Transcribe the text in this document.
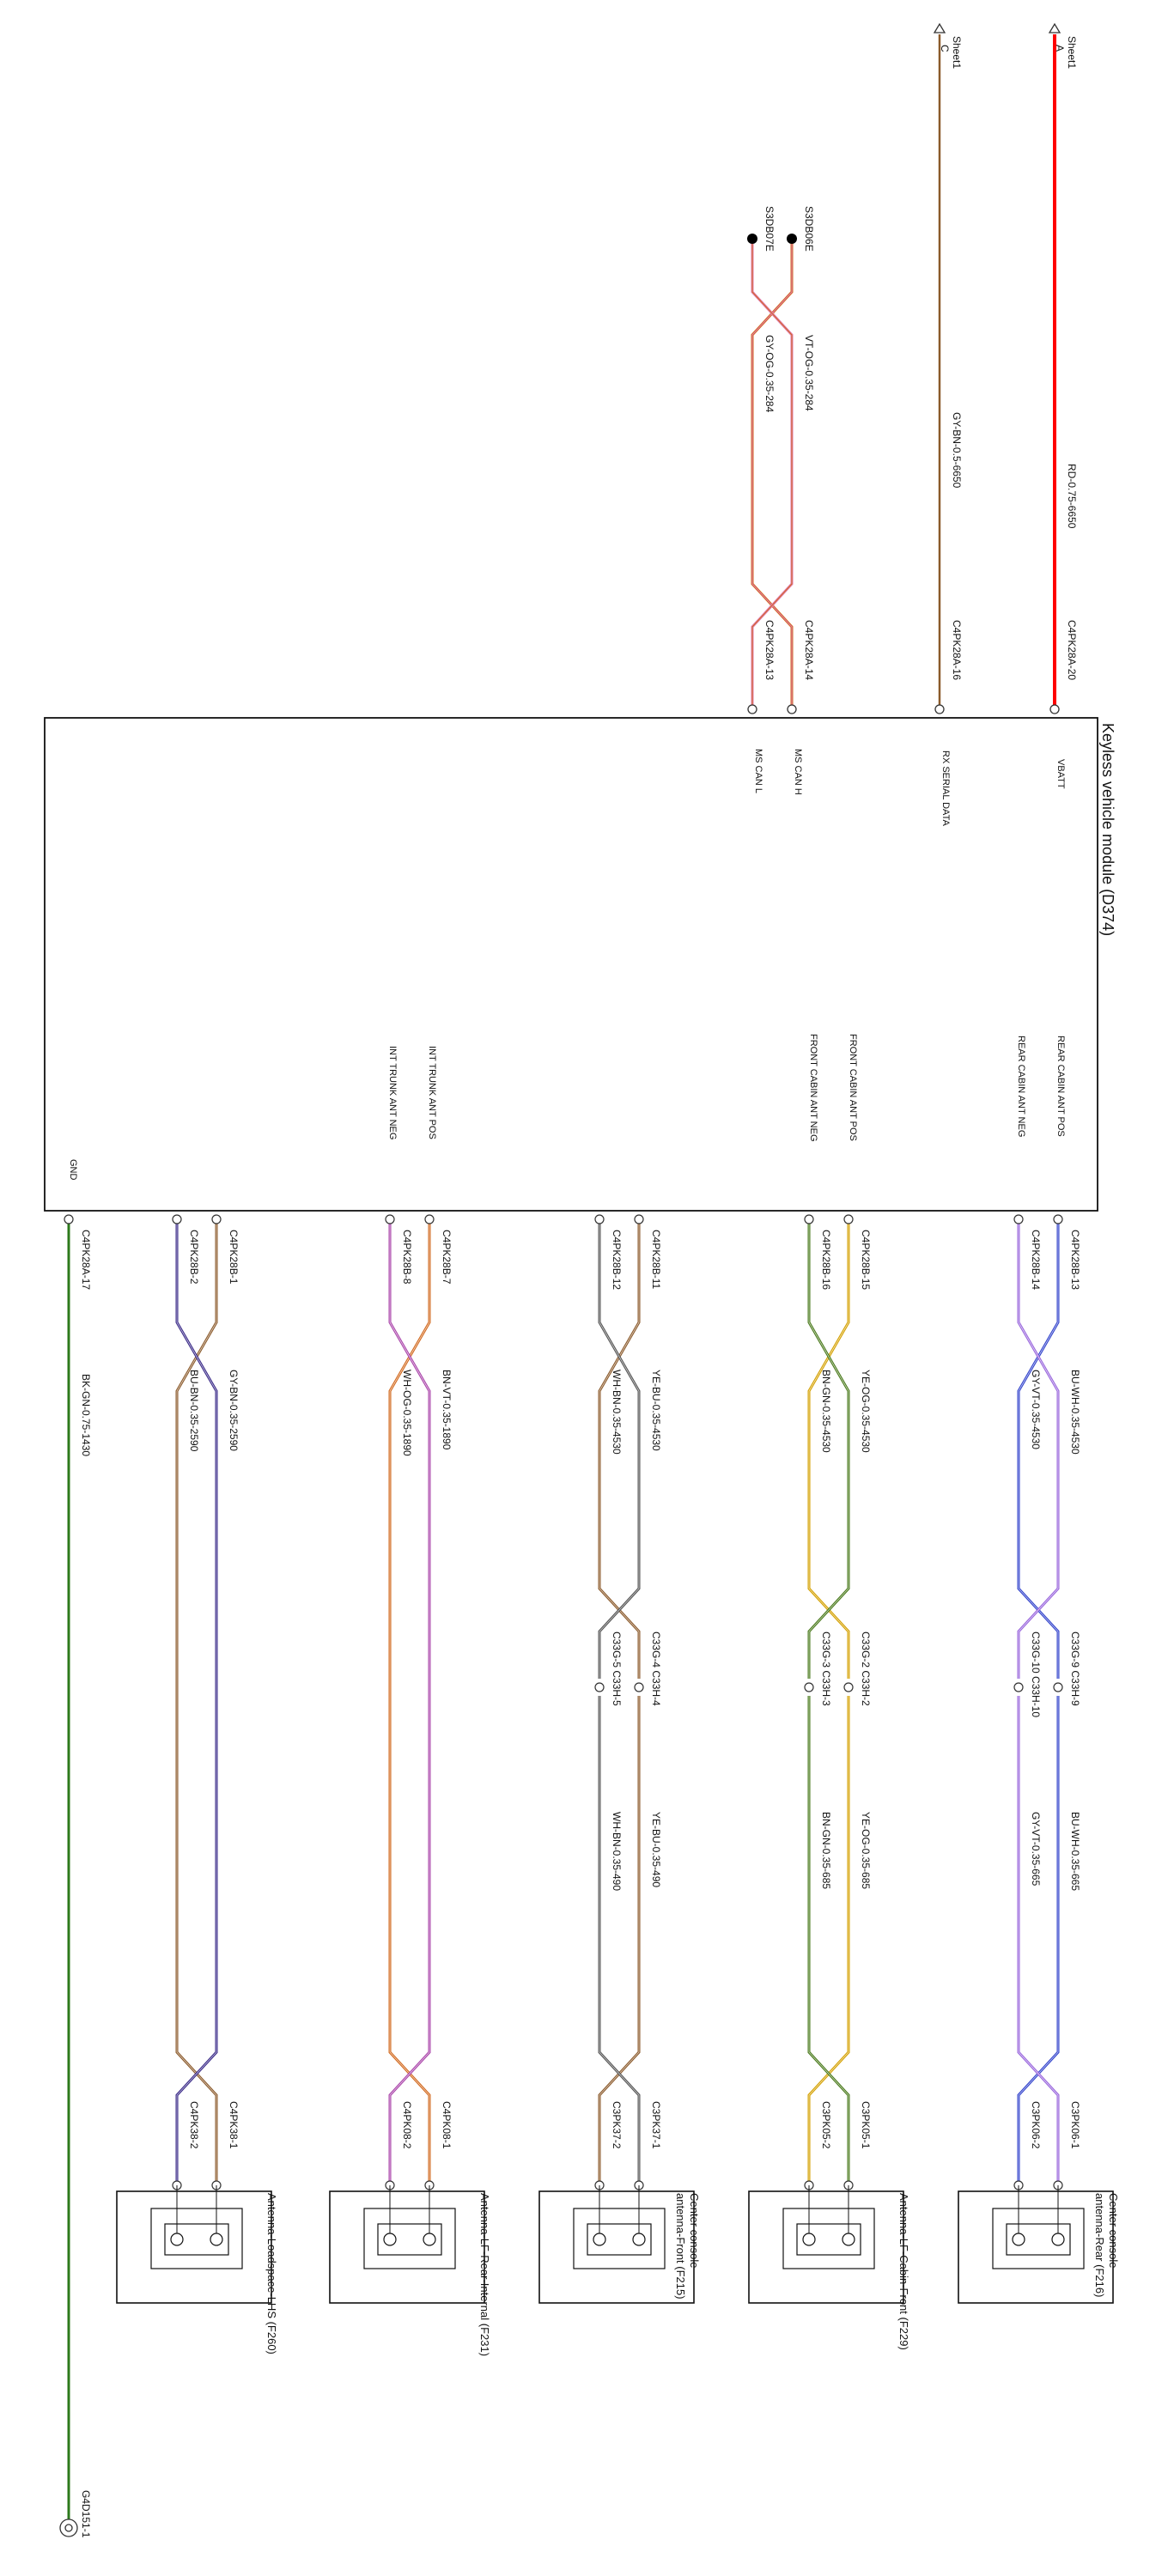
A Sheet1
C Sheet1
S3DB06E
S3DB07E
RD-0.75-6650
GY-BN-0.5-6650
VT-OG-0.35-284
GY-OG-0.35-284
C4PK28A-20
C4PK28A-16
C4PK28A-14
C4PK28A-13
Keyless vehicle module (D374)
VBATT
RX SERIAL DATA
MS CAN H
MS CAN L
REAR CABIN ANT POS
REAR CABIN ANT NEG
FRONT CABIN ANT POS
FRONT CABIN ANT NEG
INT TRUNK ANT POS
INT TRUNK ANT NEG
GND
C33G-9 C33H-9
C33G-10 C33H-10
BU-WH-0.35-665
GY-VT-0.35-665
C4PK28B-13
C4PK28B-14
BU-WH-0.35-4530
GY-VT-0.35-4530
C3PK06-1
C3PK06-2
C33G-2 C33H-2
C33G-3 C33H-3
YE-OG-0.35-685
BN-GN-0.35-685
C4PK28B-15
C4PK28B-16
YE-OG-0.35-4530
BN-GN-0.35-4530
C3PK05-1
C3PK05-2
C33G-4 C33H-4
C33G-5 C33H-5
YE-BU-0.35-490
WH-BN-0.35-490
C4PK28B-11
C4PK28B-12
YE-BU-0.35-4530
WH-BN-0.35-4530
C3PK37-1
C3PK37-2
C4PK28B-7
C4PK28B-8
BN-VT-0.35-1890
WH-OG-0.35-1890
C4PK08-1
C4PK08-2
C4PK28B-1
C4PK28B-2
GY-BN-0.35-2590
BU-BN-0.35-2590
C4PK38-1
C4PK38-2
C4PK28A-17
BK-GN-0.75-1430
G4D151-1
Center console
antenna-Rear (F216)
Antenna-LF-Cabin-Front (F229)
Center console
antenna-Front (F215)
Antenna-LF-Rear-Internal (F231)
Antenna-Loadspace-LHS (F260)
